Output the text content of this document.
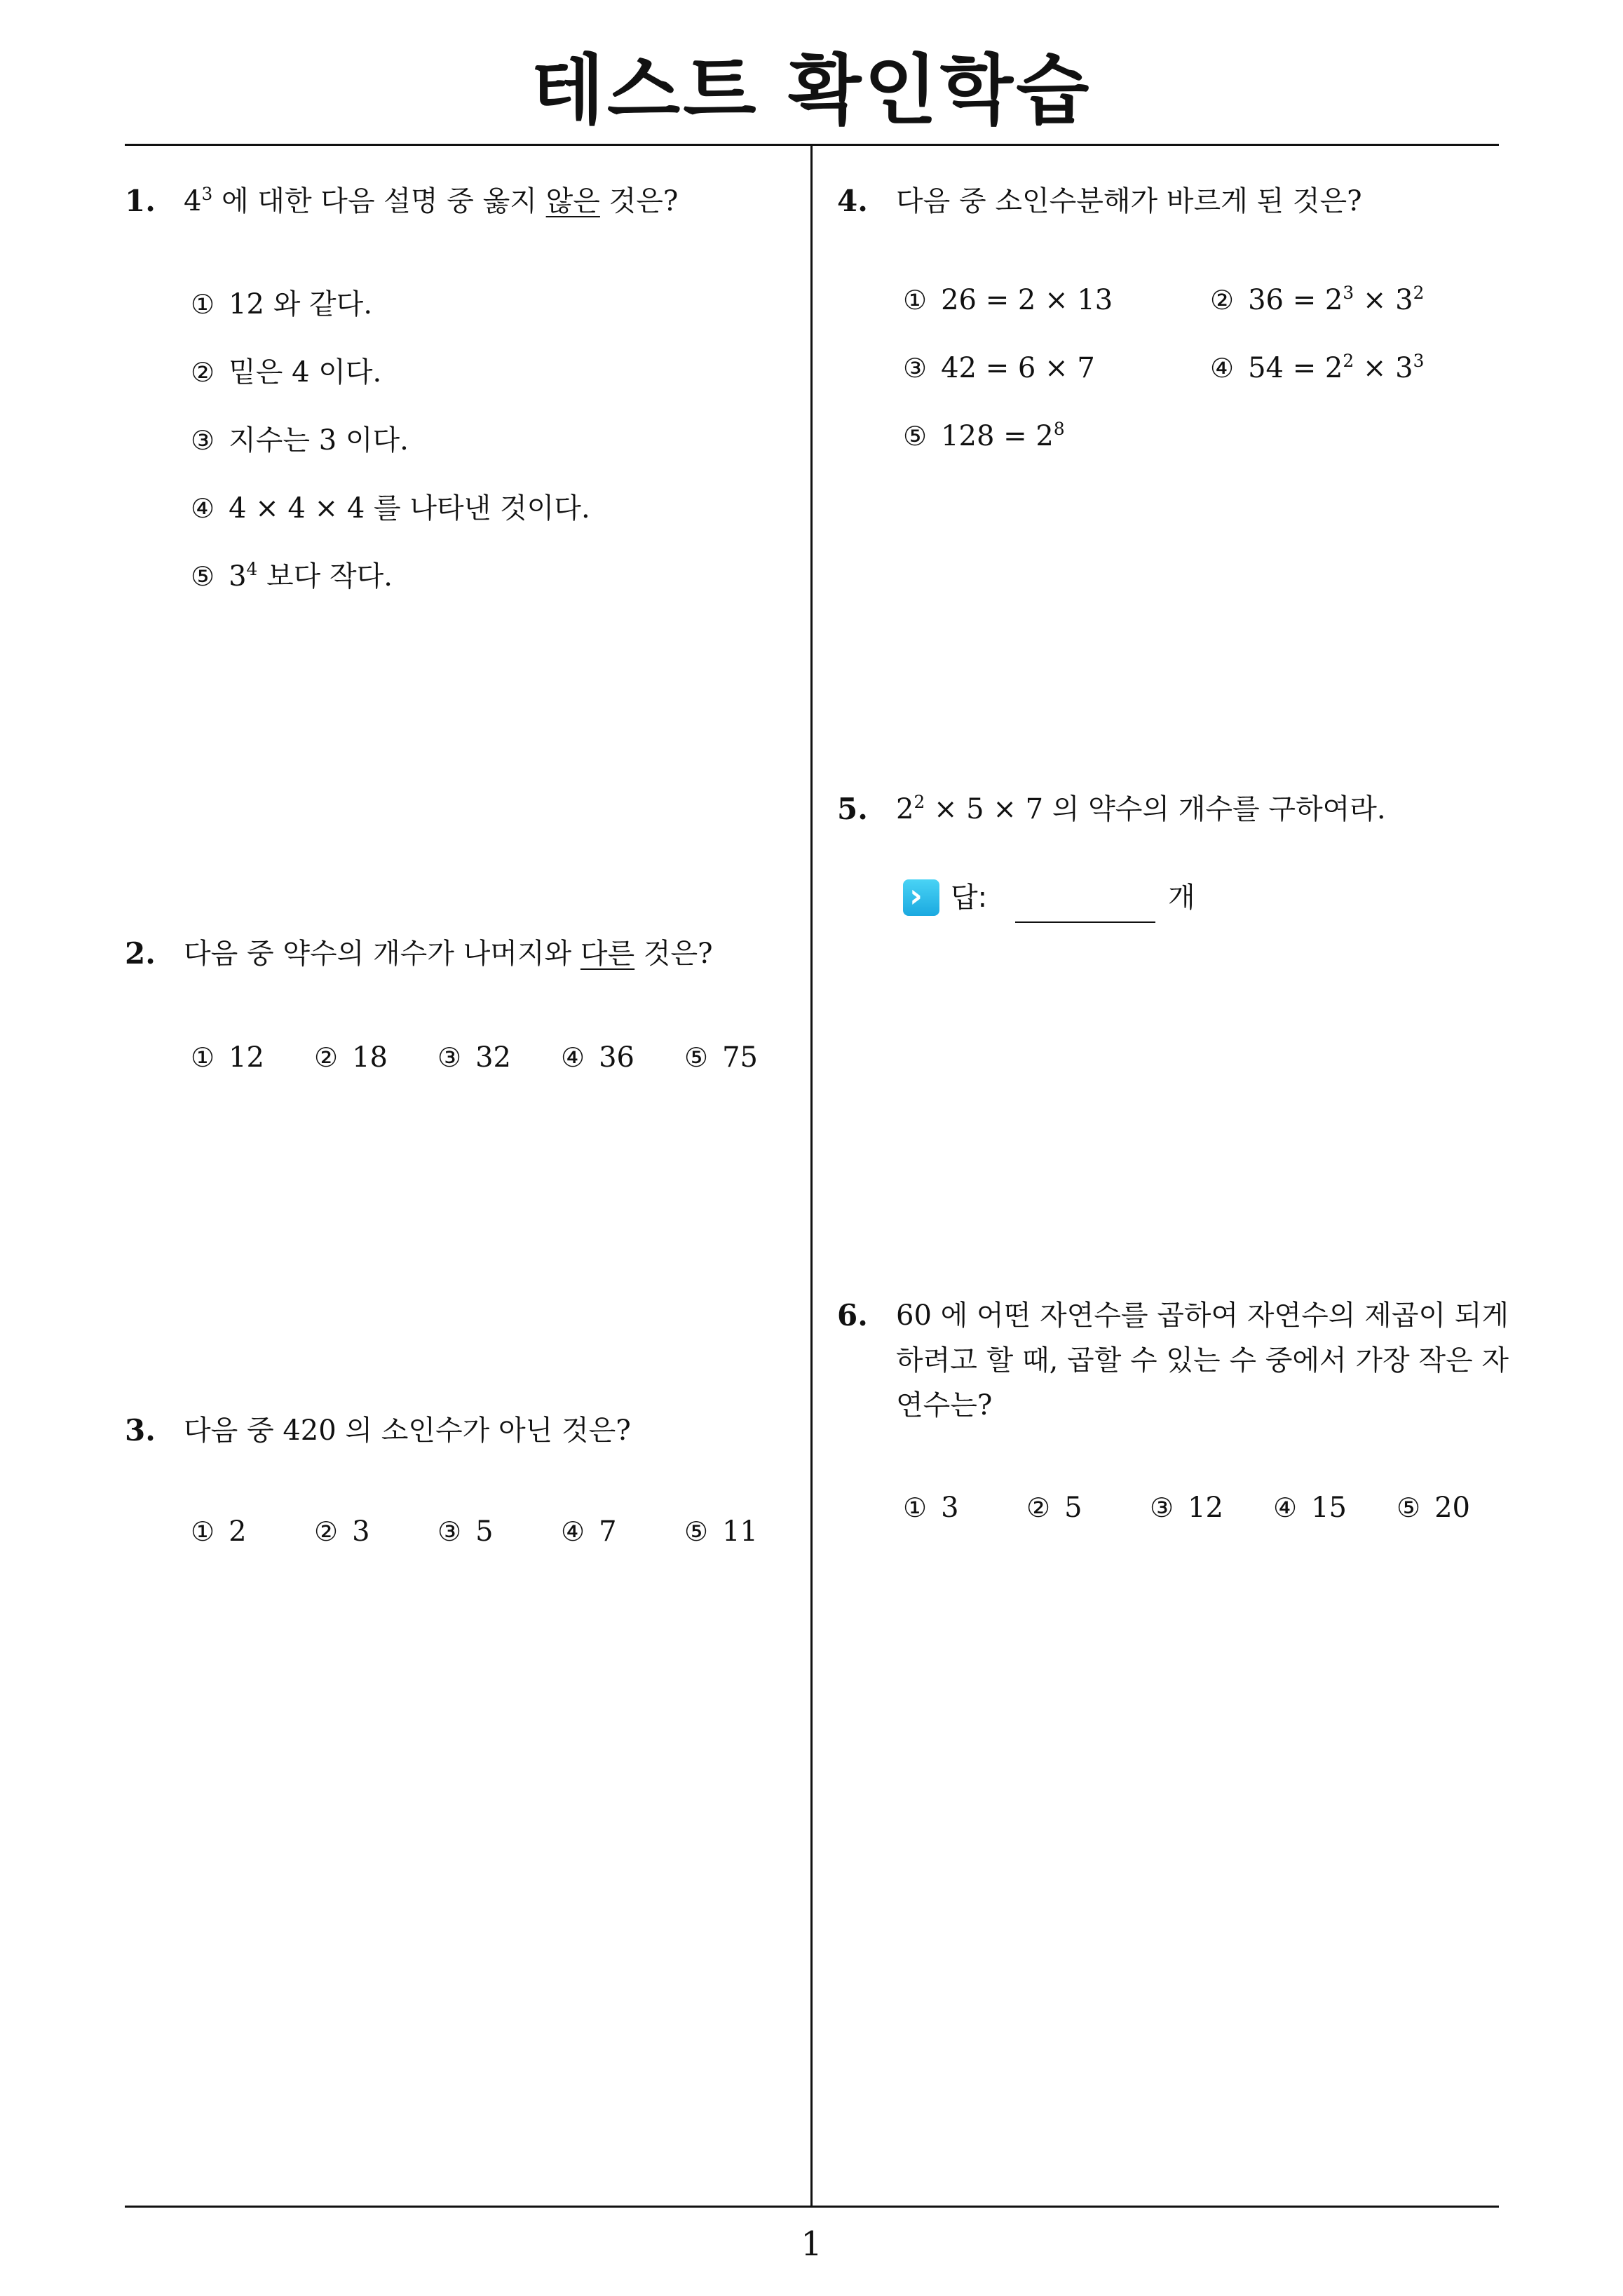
테스트 확인학습
1
1. $4^3$ 에 대한 다음 설명 중 옳지 않은 것은?
① 12 와 같다.
② 밑은 4 이다.
③ 지수는 3 이다.
④ 4 × 4 × 4 를 나타낸 것이다.
⑤ $3^4$ 보다 작다.
2. 다음 중 약수의 개수가 나머지와 다른 것은?
① 12 ② 18 ③ 32 ④ 36 ⑤ 75
3. 다음 중 420 의 소인수가 아닌 것은?
① 2	② 3	③ 5	④ 7	⑤ 11
4. 다음 중 소인수분해가 바르게 된 것은?
① 26 = 2 × 13	② $36 = 2^3 \times 3^2$
③ 42 = 6 × 7	④ $54 = 2^2 \times 3^3$
⑤ $128 = 2^8$
5. $2^2 \times 5 \times 7$ 의 약수의 개수를 구하여라.
› 답:	개
6. 60 에 어떤 자연수를 곱하여 자연수의 제곱이 되게 하려고 할 때, 곱할 수 있는 수 중에서 가장 작은 자연수는?
① 3	② 5	③ 12 ④ 15 ⑤ 20
